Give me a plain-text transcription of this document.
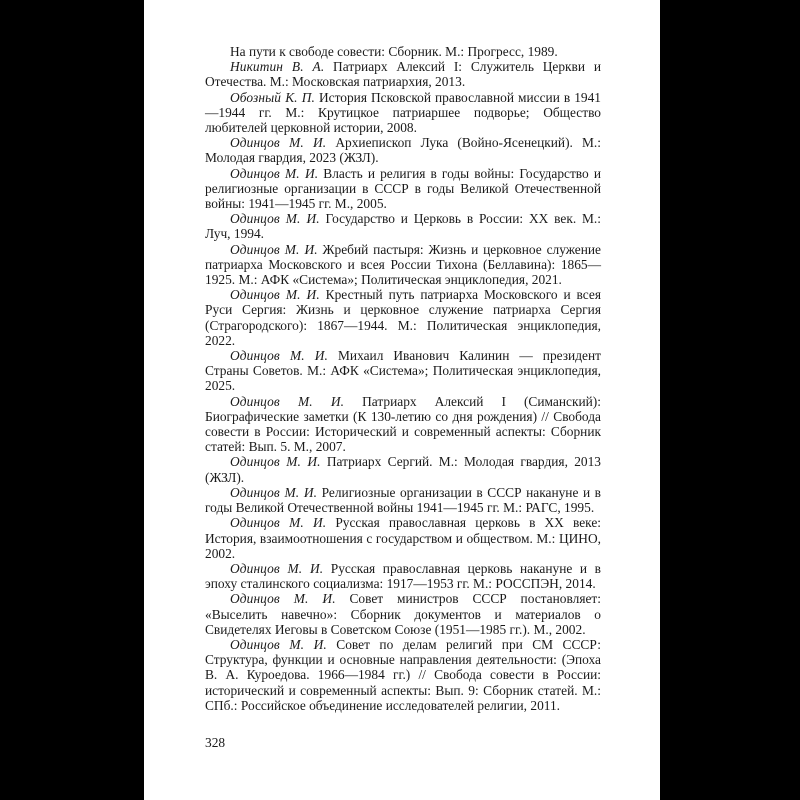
На пути к свободе совести: Сборник. М.: Прогресс, 1989.

Никитин В. А. Патриарх Алексий I: Служитель Церкви и Отечества. М.: Московская патриархия, 2013.

Обозный К. П. История Псковской православной миссии в 1941—1944 гг. М.: Крутицкое патриаршее подворье; Общество любителей церковной истории, 2008.

Одинцов М. И. Архиепископ Лука (Войно-Ясенецкий). М.: Молодая гвардия, 2023 (ЖЗЛ).

Одинцов М. И. Власть и религия в годы войны: Государство и религиозные организации в СССР в годы Великой Отечественной войны: 1941—1945 гг. М., 2005.

Одинцов М. И. Государство и Церковь в России: XX век. М.: Луч, 1994.

Одинцов М. И. Жребий пастыря: Жизнь и церковное служение патриарха Московского и всея России Тихона (Беллавина): 1865—1925. М.: АФК «Система»; Политическая энциклопедия, 2021.

Одинцов М. И. Крестный путь патриарха Московского и всея Руси Сергия: Жизнь и церковное служение патриарха Сергия (Страгородского): 1867—1944. М.: Политическая энциклопедия, 2022.

Одинцов М. И. Михаил Иванович Калинин — президент Страны Советов. М.: АФК «Система»; Политическая энциклопедия, 2025.

Одинцов М. И. Патриарх Алексий I (Симанский): Биографические заметки (К 130-летию со дня рождения) // Свобода совести в России: Исторический и современный аспекты: Сборник статей: Вып. 5. М., 2007.

Одинцов М. И. Патриарх Сергий. М.: Молодая гвардия, 2013 (ЖЗЛ).

Одинцов М. И. Религиозные организации в СССР накануне и в годы Великой Отечественной войны 1941—1945 гг. М.: РАГС, 1995.

Одинцов М. И. Русская православная церковь в XX веке: История, взаимоотношения с государством и обществом. М.: ЦИНО, 2002.

Одинцов М. И. Русская православная церковь накануне и в эпоху сталинского социализма: 1917—1953 гг. М.: РОССПЭН, 2014.

Одинцов М. И. Совет министров СССР постановляет: «Выселить навечно»: Сборник документов и материалов о Свидетелях Иеговы в Советском Союзе (1951—1985 гг.). М., 2002.

Одинцов М. И. Совет по делам религий при СМ СССР: Структура, функции и основные направления деятельности: (Эпоха В. А. Куроедова. 1966—1984 гг.) // Свобода совести в России: исторический и современный аспекты: Вып. 9: Сборник статей. М.: СПб.: Российское объединение исследователей религии, 2011.

328
